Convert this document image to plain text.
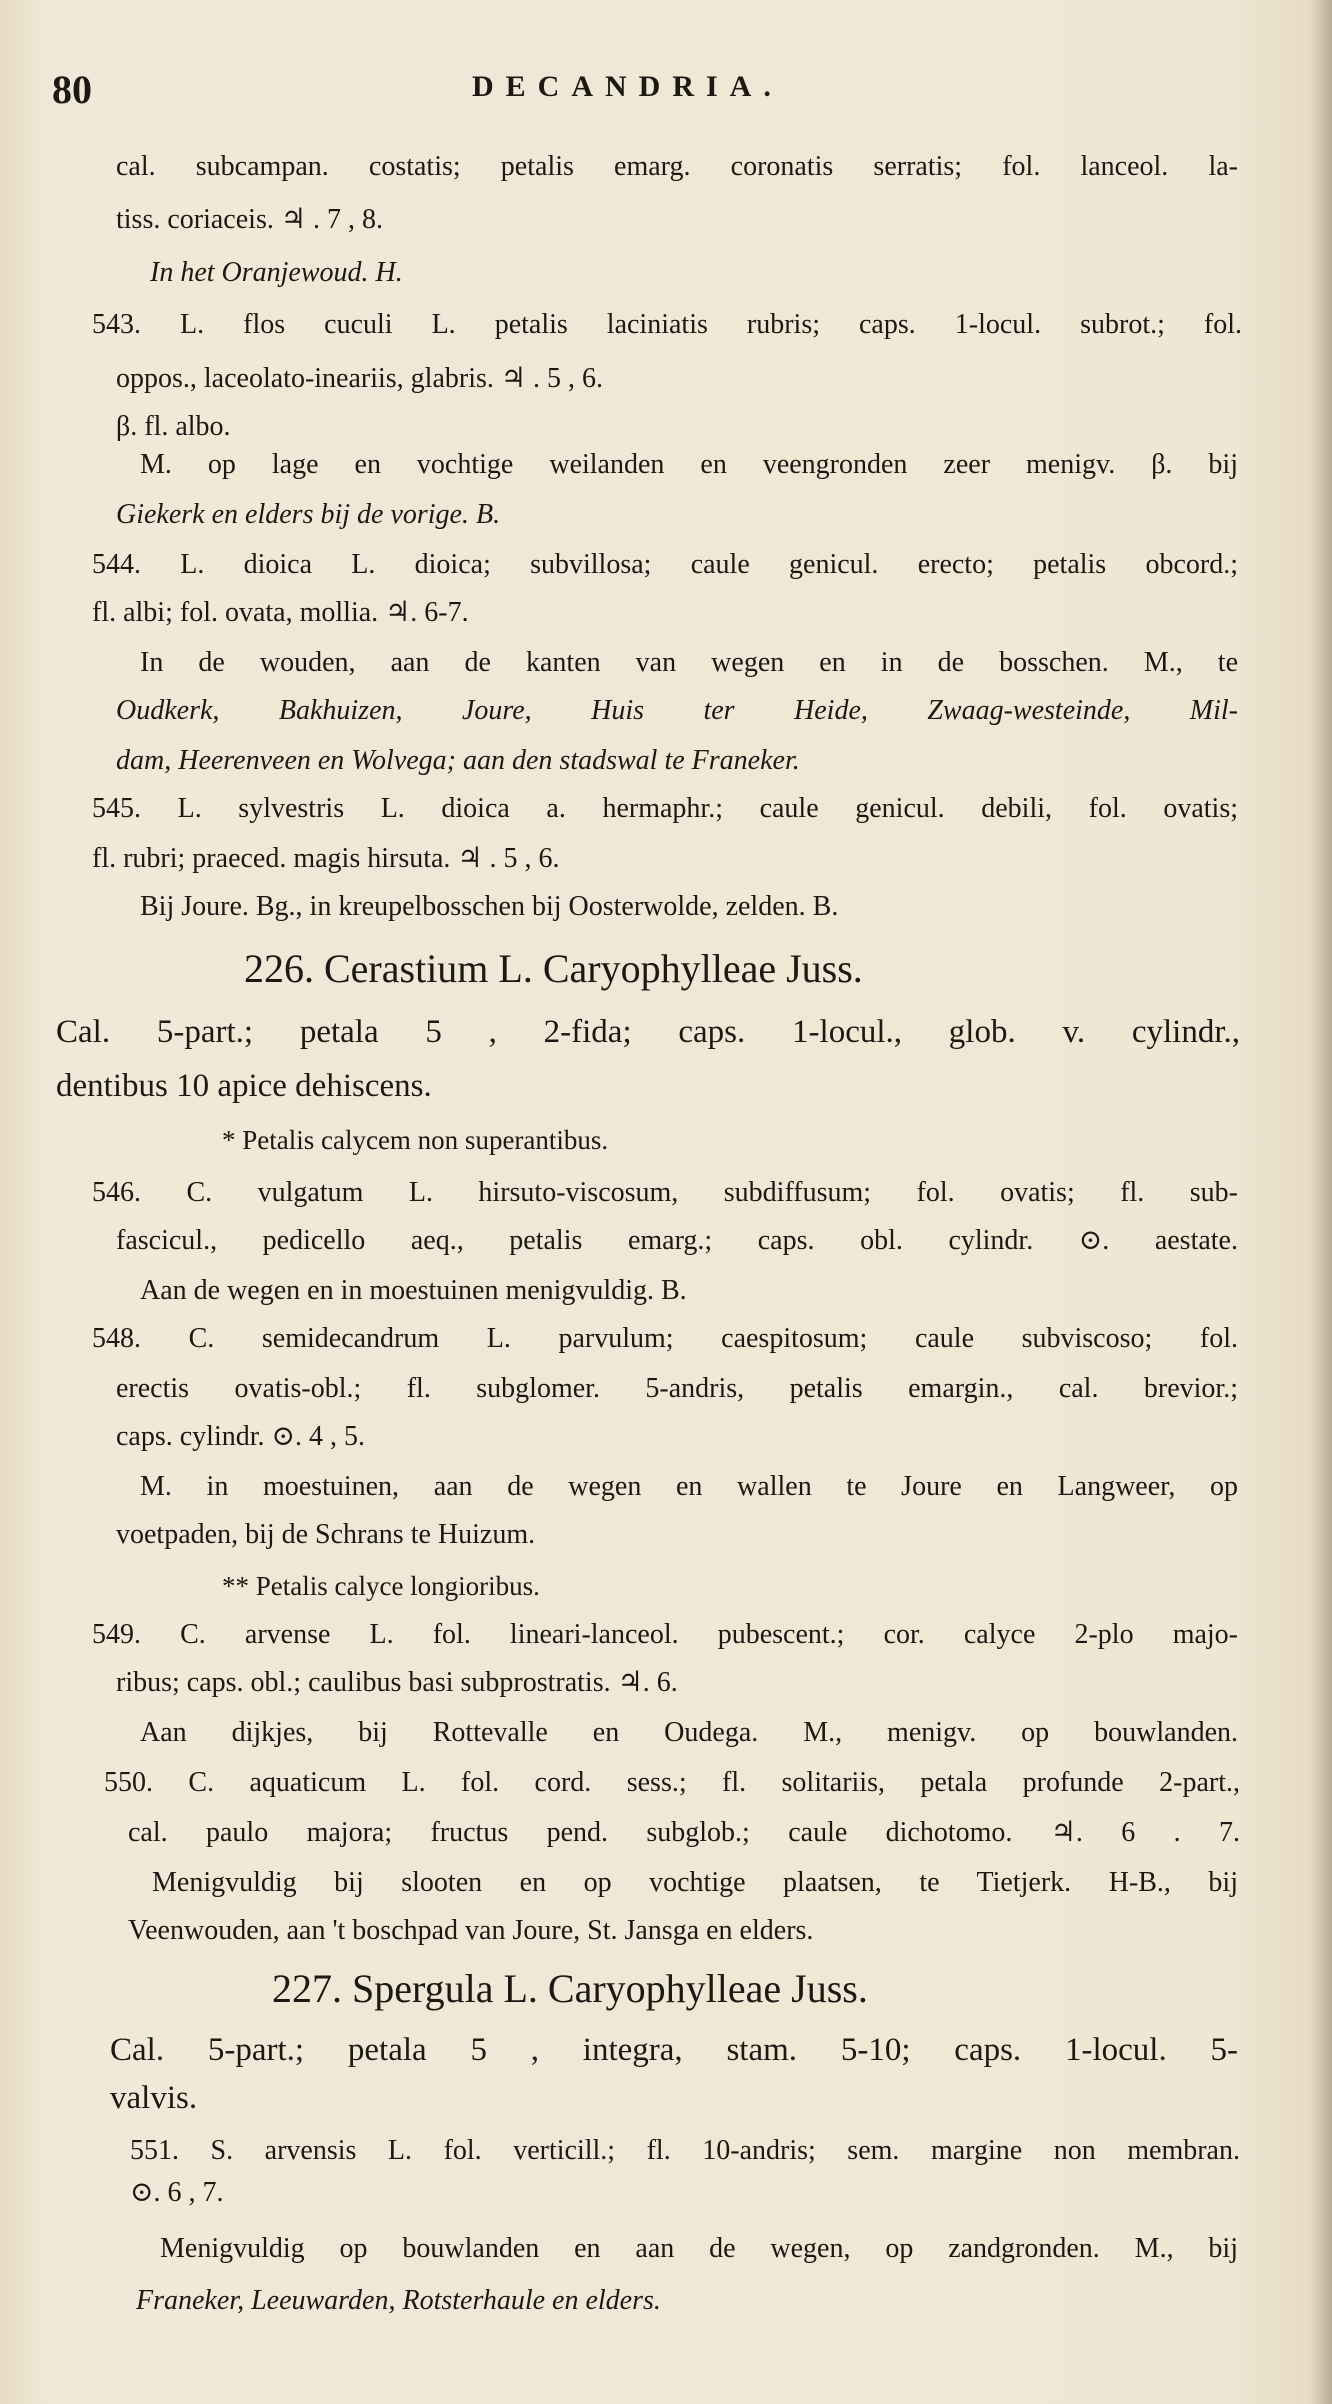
80	DECANDRIA.
cal. subcampan. costatis; petalis emarg. coronatis serratis; fol. lanceol. la-
tiss. coriaceis. ♃ . 7 , 8.
In het Oranjewoud. H.
543. L. flos cuculi L. petalis laciniatis rubris; caps. 1-locul. subrot.; fol.
oppos., laceolato-ineariis, glabris. ♃ . 5 , 6.
β. fl. albo.
M. op lage en vochtige weilanden en veengronden zeer menigv. β. bij
Giekerk en elders bij de vorige. B.
544. L. dioica L. dioica; subvillosa; caule genicul. erecto; petalis obcord.;
fl. albi; fol. ovata, mollia. ♃. 6-7.
In de wouden, aan de kanten van wegen en in de bosschen. M., te
Oudkerk, Bakhuizen, Joure, Huis ter Heide, Zwaag-westeinde, Mil-
dam, Heerenveen en Wolvega; aan den stadswal te Franeker.
545. L. sylvestris L. dioica a. hermaphr.; caule genicul. debili, fol. ovatis;
fl. rubri; praeced. magis hirsuta. ♃ . 5 , 6.
Bij Joure. Bg., in kreupelbosschen bij Oosterwolde, zelden. B.
226. Cerastium L. Caryophylleae Juss.
Cal. 5-part.; petala 5 , 2-fida; caps. 1-locul., glob. v. cylindr.,
dentibus 10 apice dehiscens.
* Petalis calycem non superantibus.
546. C. vulgatum L. hirsuto-viscosum, subdiffusum; fol. ovatis; fl. sub-
fascicul., pedicello aeq., petalis emarg.; caps. obl. cylindr. ⊙. aestate.
Aan de wegen en in moestuinen menigvuldig. B.
548. C. semidecandrum L. parvulum; caespitosum; caule subviscoso; fol.
erectis ovatis-obl.; fl. subglomer. 5-andris, petalis emargin., cal. brevior.;
caps. cylindr. ⊙. 4 , 5.
M. in moestuinen, aan de wegen en wallen te Joure en Langweer, op
voetpaden, bij de Schrans te Huizum.
** Petalis calyce longioribus.
549. C. arvense L. fol. lineari-lanceol. pubescent.; cor. calyce 2-plo majo-
ribus; caps. obl.; caulibus basi subprostratis. ♃. 6.
Aan dijkjes, bij Rottevalle en Oudega. M., menigv. op bouwlanden.
550. C. aquaticum L. fol. cord. sess.; fl. solitariis, petala profunde 2-part.,
cal. paulo majora; fructus pend. subglob.; caule dichotomo. ♃. 6 . 7.
Menigvuldig bij slooten en op vochtige plaatsen, te Tietjerk. H-B., bij
Veenwouden, aan 't boschpad van Joure, St. Jansga en elders.
227. Spergula L. Caryophylleae Juss.
Cal. 5-part.; petala 5 , integra, stam. 5-10; caps. 1-locul. 5-
valvis.
551. S. arvensis L. fol. verticill.; fl. 10-andris; sem. margine non membran.
⊙. 6 , 7.
Menigvuldig op bouwlanden en aan de wegen, op zandgronden. M., bij
Franeker, Leeuwarden, Rotsterhaule en elders.
